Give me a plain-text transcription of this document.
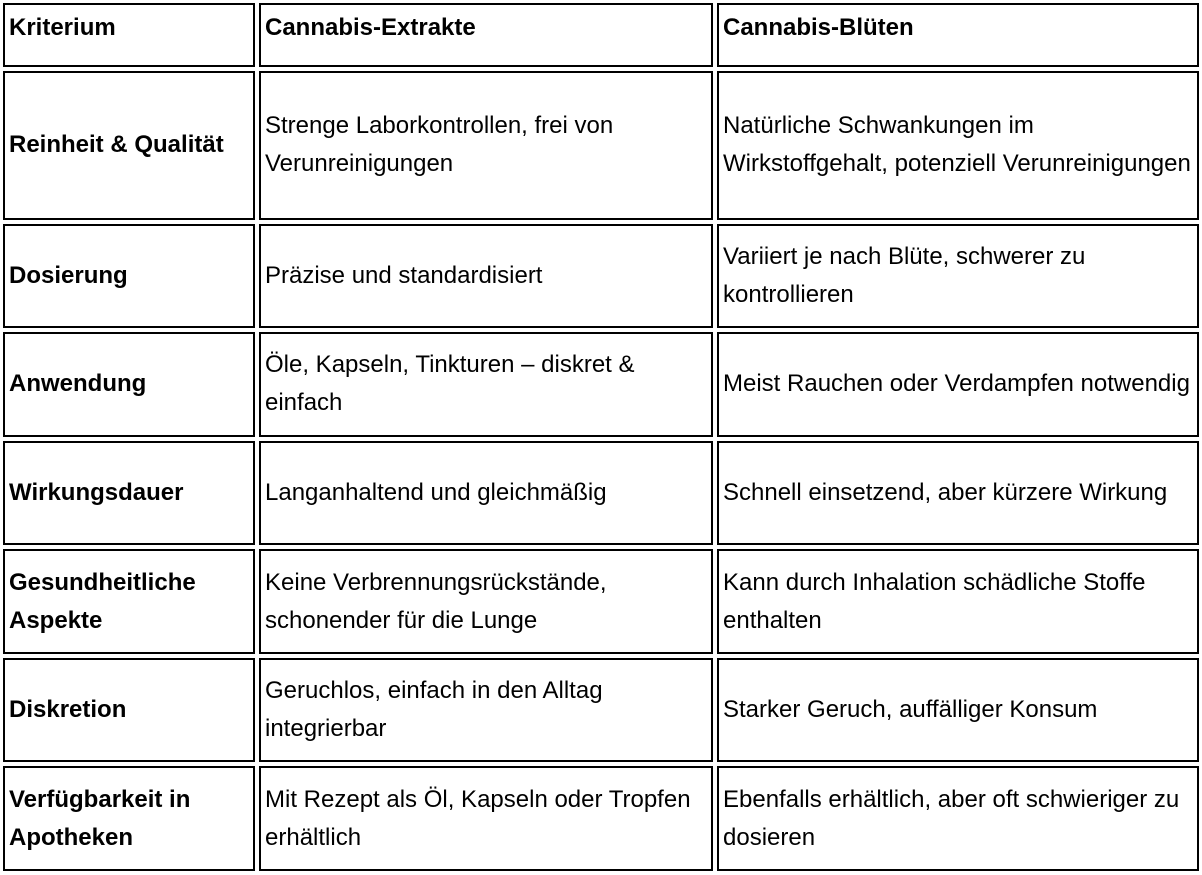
Kriterium	Cannabis-Extrakte	Cannabis-Blüten
Reinheit & Qualität	Strenge Laborkontrollen, frei von Verunreinigungen	Natürliche Schwankungen im Wirkstoffgehalt, potenziell Verunreinigungen
Dosierung	Präzise und standardisiert	Variiert je nach Blüte, schwerer zu kontrollieren
Anwendung	Öle, Kapseln, Tinkturen – diskret & einfach	Meist Rauchen oder Verdampfen notwendig
Wirkungsdauer	Langanhaltend und gleichmäßig	Schnell einsetzend, aber kürzere Wirkung
Gesundheitliche Aspekte	Keine Verbrennungsrückstände, schonender für die Lunge	Kann durch Inhalation schädliche Stoffe enthalten
Diskretion	Geruchlos, einfach in den Alltag integrierbar	Starker Geruch, auffälliger Konsum
Verfügbarkeit in Apotheken	Mit Rezept als Öl, Kapseln oder Tropfen erhältlich	Ebenfalls erhältlich, aber oft schwieriger zu dosieren
